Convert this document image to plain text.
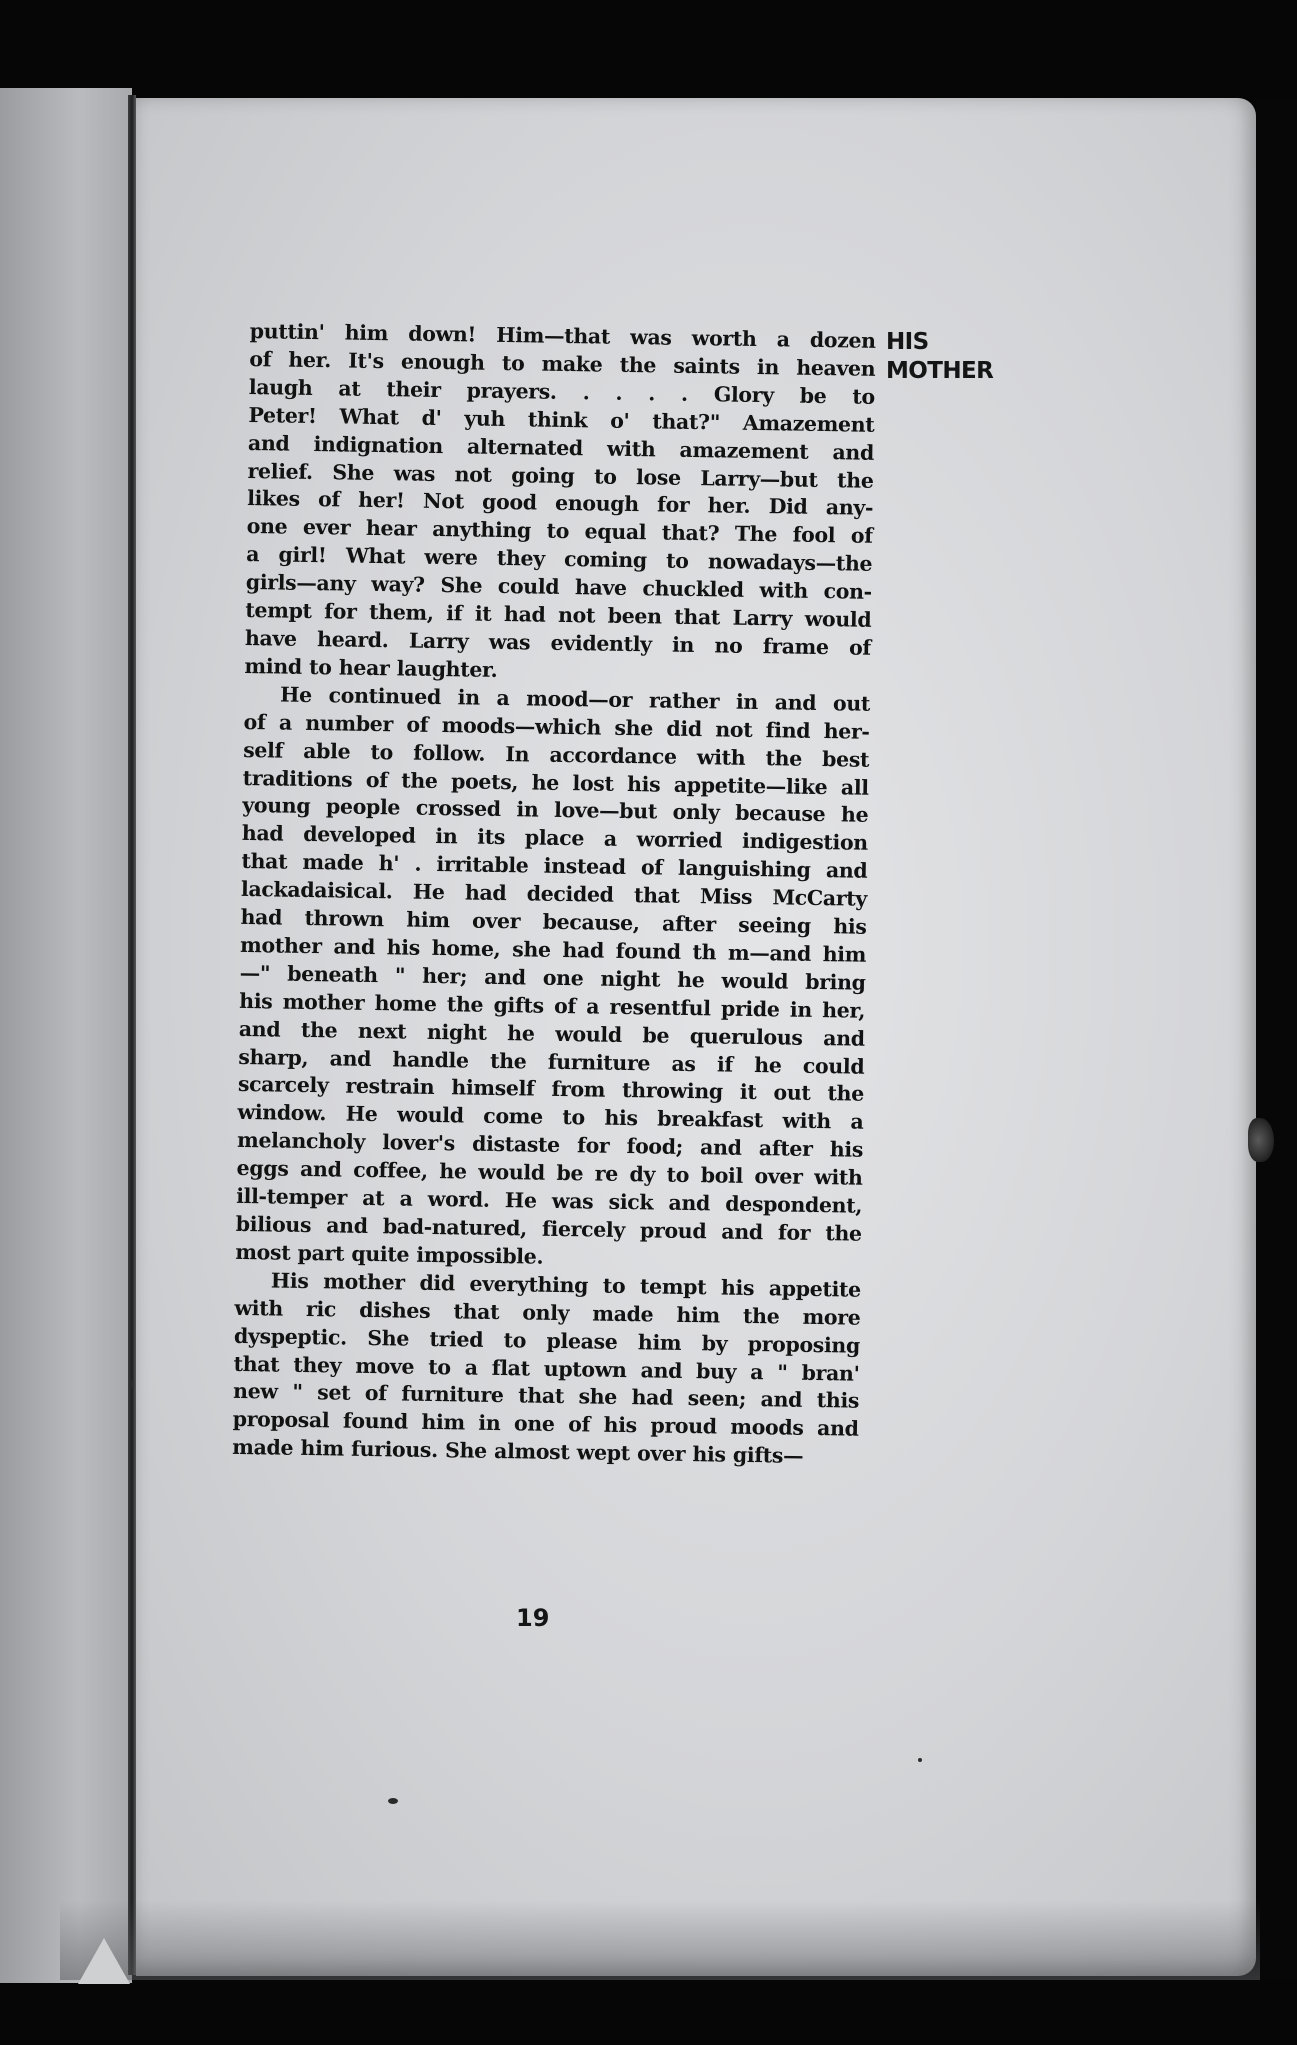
HIS
MOTHER

puttin' him down! Him—that was worth a dozen
of her. It's enough to make the saints in heaven
laugh at their prayers. . . . . Glory be to
Peter! What d' yuh think o' that?" Amazement
and indignation alternated with amazement and
relief. She was not going to lose Larry—but the
likes of her! Not good enough for her. Did any-
one ever hear anything to equal that? The fool of
a girl! What were they coming to nowadays—the
girls—any way? She could have chuckled with con-
tempt for them, if it had not been that Larry would
have heard. Larry was evidently in no frame of
mind to hear laughter.

He continued in a mood—or rather in and out
of a number of moods—which she did not find her-
self able to follow. In accordance with the best
traditions of the poets, he lost his appetite—like all
young people crossed in love—but only because he
had developed in its place a worried indigestion
that made h' . irritable instead of languishing and
lackadaisical. He had decided that Miss McCarty
had thrown him over because, after seeing his
mother and his home, she had found th m—and him
—" beneath " her; and one night he would bring
his mother home the gifts of a resentful pride in her,
and the next night he would be querulous and
sharp, and handle the furniture as if he could
scarcely restrain himself from throwing it out the
window. He would come to his breakfast with a
melancholy lover's distaste for food; and after his
eggs and coffee, he would be re dy to boil over with
ill-temper at a word. He was sick and despondent,
bilious and bad-natured, fiercely proud and for the
most part quite impossible.

His mother did everything to tempt his appetite
with ric dishes that only made him the more
dyspeptic. She tried to please him by proposing
that they move to a flat uptown and buy a " bran'
new " set of furniture that she had seen; and this
proposal found him in one of his proud moods and
made him furious. She almost wept over his gifts—

19
